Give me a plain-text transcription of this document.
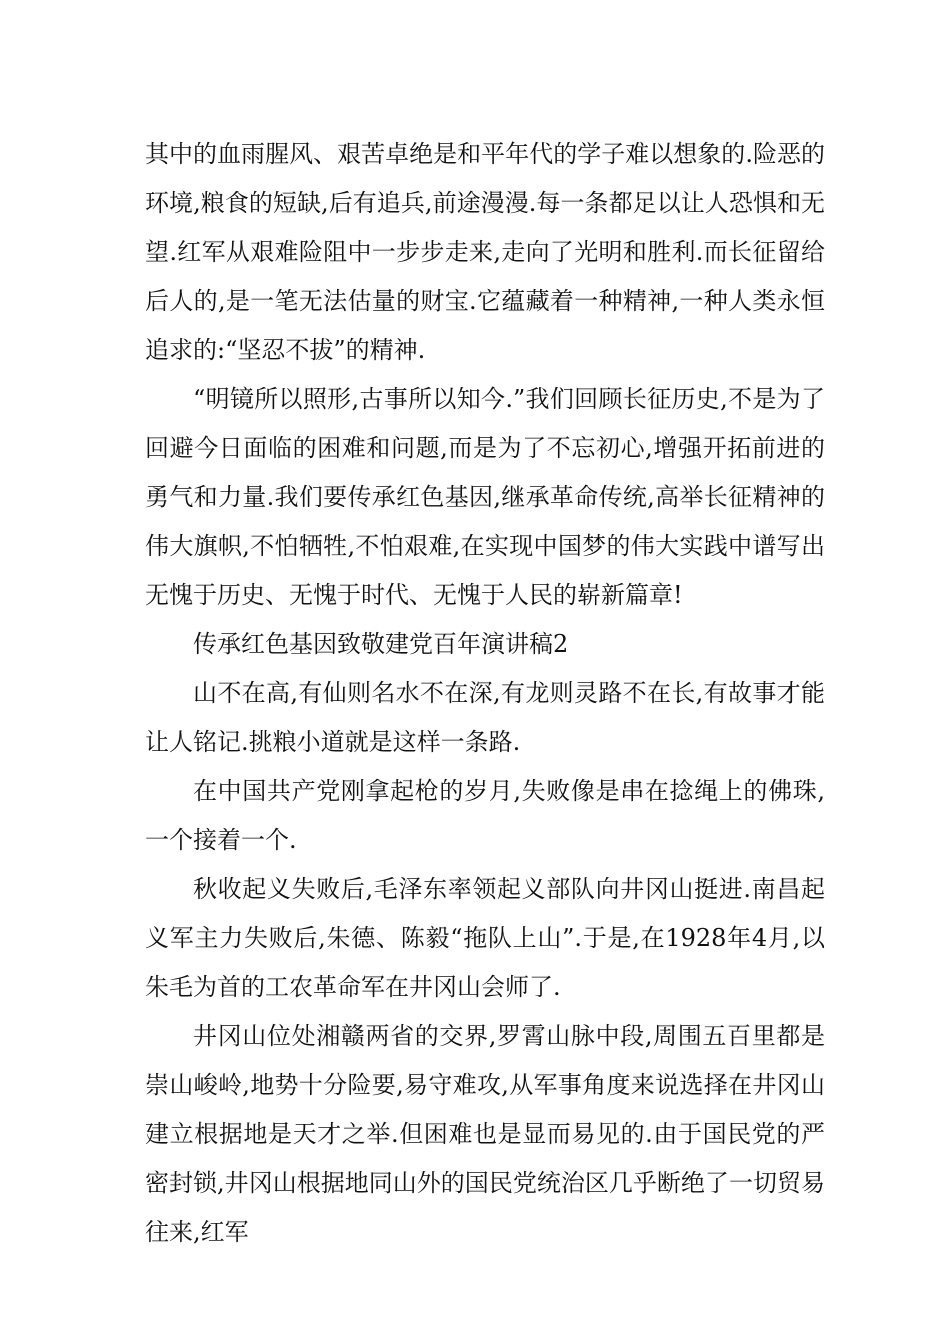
其中的血雨腥风、艰苦卓绝是和平年代的学子难以想象的.险恶的环境,粮食的短缺,后有追兵,前途漫漫.每一条都足以让人恐惧和无望.红军从艰难险阻中一步步走来,走向了光明和胜利.而长征留给后人的,是一笔无法估量的财宝.它蕴藏着一种精神,一种人类永恒追求的:“坚忍不拔”的精神.

“明镜所以照形,古事所以知今.”我们回顾长征历史,不是为了回避今日面临的困难和问题,而是为了不忘初心,增强开拓前进的勇气和力量.我们要传承红色基因,继承革命传统,高举长征精神的伟大旗帜,不怕牺牲,不怕艰难,在实现中国梦的伟大实践中谱写出无愧于历史、无愧于时代、无愧于人民的崭新篇章!

传承红色基因致敬建党百年演讲稿2

山不在高,有仙则名水不在深,有龙则灵路不在长,有故事才能让人铭记.挑粮小道就是这样一条路.

在中国共产党刚拿起枪的岁月,失败像是串在捻绳上的佛珠,一个接着一个.

秋收起义失败后,毛泽东率领起义部队向井冈山挺进.南昌起义军主力失败后,朱德、陈毅“拖队上山”.于是,在1928年4月,以朱毛为首的工农革命军在井冈山会师了.

井冈山位处湘赣两省的交界,罗霄山脉中段,周围五百里都是崇山峻岭,地势十分险要,易守难攻,从军事角度来说选择在井冈山建立根据地是天才之举.但困难也是显而易见的.由于国民党的严密封锁,井冈山根据地同山外的国民党统治区几乎断绝了一切贸易往来,红军
